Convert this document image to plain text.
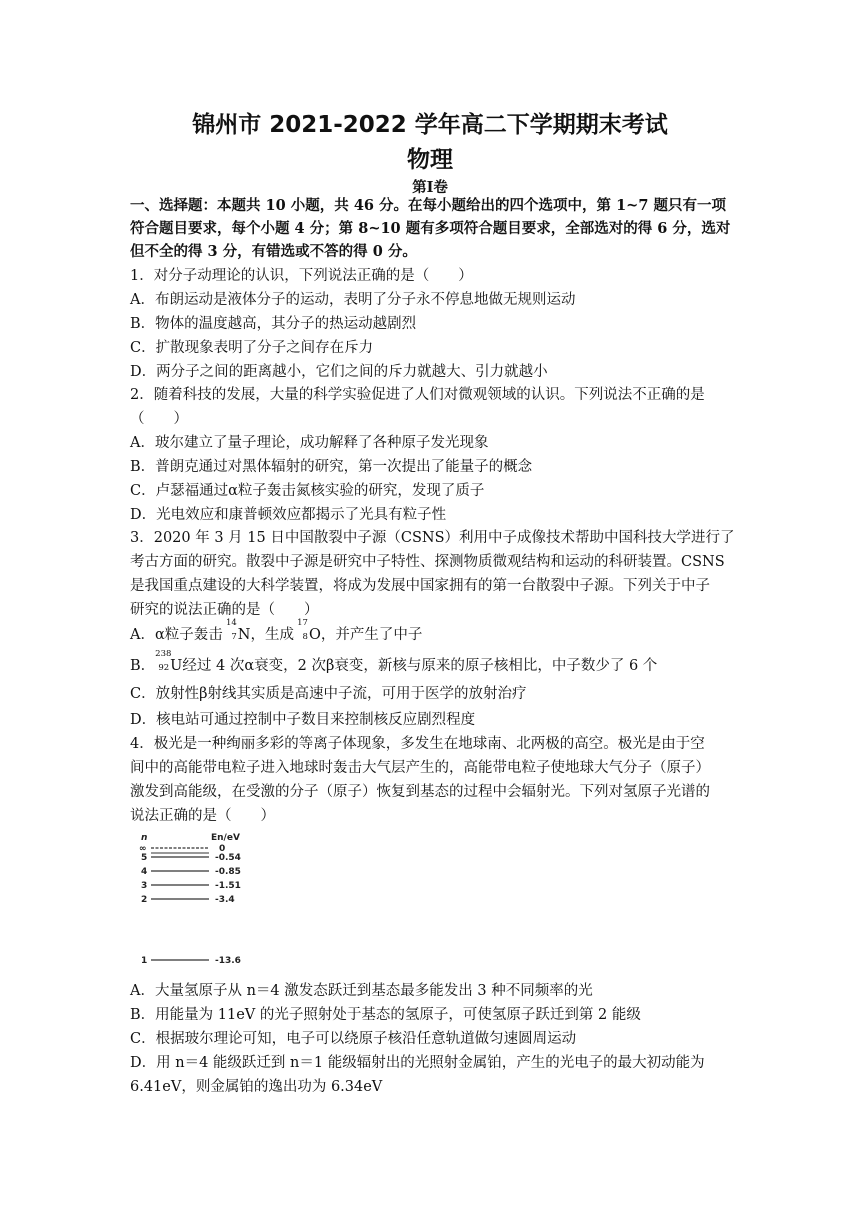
锦州市 2021-2022 学年高二下学期期末考试
物理
第Ⅰ卷
一、选择题：本题共 10 小题，共 46 分。在每小题给出的四个选项中，第 1~7 题只有一项
符合题目要求，每个小题 4 分；第 8~10 题有多项符合题目要求，全部选对的得 6 分，选对
但不全的得 3 分，有错选或不答的得 0 分。
1．对分子动理论的认识，下列说法正确的是（　　）
A．布朗运动是液体分子的运动，表明了分子永不停息地做无规则运动
B．物体的温度越高，其分子的热运动越剧烈
C．扩散现象表明了分子之间存在斥力
D．两分子之间的距离越小，它们之间的斥力就越大、引力就越小
2．随着科技的发展，大量的科学实验促进了人们对微观领域的认识。下列说法不正确的是
（　　）
A．玻尔建立了量子理论，成功解释了各种原子发光现象
B．普朗克通过对黑体辐射的研究，第一次提出了能量子的概念
C．卢瑟福通过α粒子轰击氮核实验的研究，发现了质子
D．光电效应和康普顿效应都揭示了光具有粒子性
3．2020 年 3 月 15 日中国散裂中子源（CSNS）利用中子成像技术帮助中国科技大学进行了
考古方面的研究。散裂中子源是研究中子特性、探测物质微观结构和运动的科研装置。CSNS
是我国重点建设的大科学装置，将成为发展中国家拥有的第一台散裂中子源。下列关于中子
研究的说法正确的是（　　）
A．α粒子轰击
14
7 N，生成
17
8 O，并产生了中子
B．
238
92 U经过 4 次α衰变，2 次β衰变，新核与原来的原子核相比，中子数少了 6 个
C．放射性β射线其实质是高速中子流，可用于医学的放射治疗
D．核电站可通过控制中子数目来控制核反应剧烈程度
4．极光是一种绚丽多彩的等离子体现象，多发生在地球南、北两极的高空。极光是由于空
间中的高能带电粒子进入地球时轰击大气层产生的，高能带电粒子使地球大气分子（原子）
激发到高能级，在受激的分子（原子）恢复到基态的过程中会辐射光。下列对氢原子光谱的
说法正确的是（　　）
n	En/eV
∞	0
5	-0.54
4	-0.85
3	-1.51
2	-3.4
1	-13.6
A．大量氢原子从 n＝4 激发态跃迁到基态最多能发出 3 种不同频率的光
B．用能量为 11eV 的光子照射处于基态的氢原子，可使氢原子跃迁到第 2 能级
C．根据玻尔理论可知，电子可以绕原子核沿任意轨道做匀速圆周运动
D．用 n＝4 能级跃迁到 n＝1 能级辐射出的光照射金属铂，产生的光电子的最大初动能为
6.41eV，则金属铂的逸出功为 6.34eV
